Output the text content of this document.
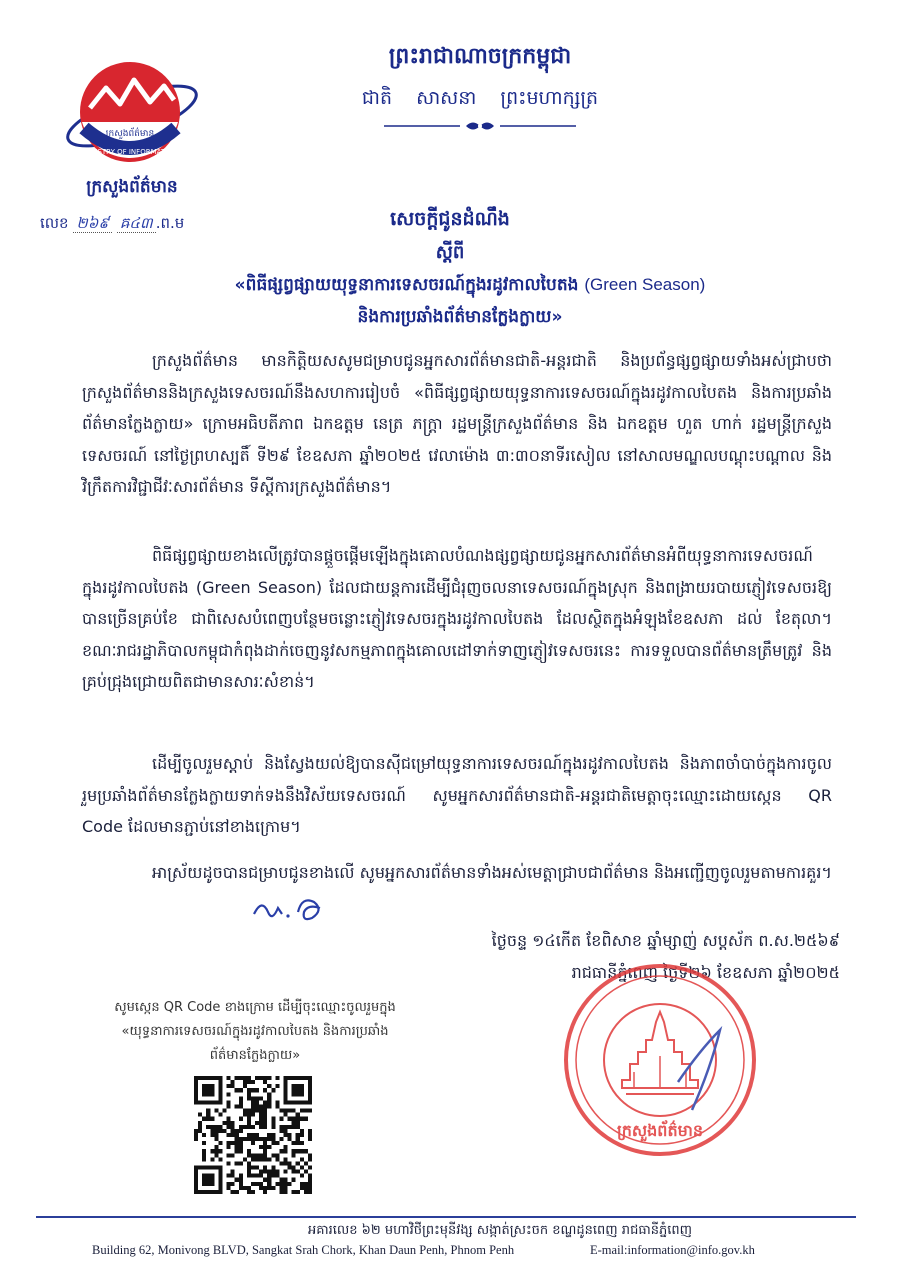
ក្រសួងព័ត៌មាន
MINISTRY OF INFORMATION
ក្រសួងព័ត៌មាន
លេខ ២៦៩ ឝ៤៣ .ព.ម
ព្រះរាជាណាចក្រកម្ពុជា
ជាតិ សាសនា ព្រះមហាក្សត្រ
សេចក្តីជូនដំណឹង
ស្តីពី
«ពិធីផ្សព្វផ្សាយយុទ្ធនាការទេសចរណ៍ក្នុងរដូវកាលបៃតង (Green Season)
និងការប្រឆាំងព័ត៌មានក្លែងក្លាយ»

ក្រសួងព័ត៌មាន មានកិត្តិយសសូមជម្រាបជូនអ្នកសារព័ត៌មានជាតិ-អន្តរជាតិ និងប្រព័ន្ធផ្សព្វផ្សាយទាំងអស់ជ្រាបថា ក្រសួងព័ត៌មាននិងក្រសួងទេសចរណ៍នឹងសហការរៀបចំ «ពិធីផ្សព្វផ្សាយយុទ្ធនាការទេសចរណ៍ក្នុងរដូវកាលបៃតង និងការប្រឆាំងព័ត៌មានក្លែងក្លាយ» ក្រោមអធិបតីភាព ឯកឧត្តម នេត្រ ភក្ត្រា រដ្ឋមន្ត្រីក្រសួងព័ត៌មាន និង ឯកឧត្តម ហួត ហាក់ រដ្ឋមន្ត្រីក្រសួងទេសចរណ៍ នៅថ្ងៃព្រហស្បតិ៍ ទី២៩ ខែឧសភា ឆ្នាំ២០២៥ វេលាម៉ោង ៣:៣០នាទីរសៀល នៅសាលមណ្ឌលបណ្តុះបណ្តាល និងវិក្រឹតការវិជ្ជាជីវៈសារព័ត៌មាន ទីស្តីការក្រសួងព័ត៌មាន។

ពិធីផ្សព្វផ្សាយខាងលើត្រូវបានផ្តួចផ្តើមឡើងក្នុងគោលបំណងផ្សព្វផ្សាយជូនអ្នកសារព័ត៌មានអំពីយុទ្ធនាការទេសចរណ៍ក្នុងរដូវកាលបៃតង (Green Season) ដែលជាយន្តការដើម្បីជំរុញចលនាទេសចរណ៍ក្នុងស្រុក និងពង្រាយរបាយភ្ញៀវទេសចរឱ្យបានច្រើនគ្រប់ខែ ជាពិសេសបំពេញបន្ថែមចន្លោះភ្ញៀវទេសចរក្នុងរដូវកាលបៃតង ដែលស្ថិតក្នុងអំឡុងខែឧសភា ដល់ ខែតុលា។ ខណៈរាជរដ្ឋាភិបាលកម្ពុជាកំពុងដាក់ចេញនូវសកម្មភាពក្នុងគោលដៅទាក់ទាញភ្ញៀវទេសចរនេះ ការទទួលបានព័ត៌មានត្រឹមត្រូវ និងគ្រប់ជ្រុងជ្រោយពិតជាមានសារៈសំខាន់។

ដើម្បីចូលរួមស្តាប់ និងស្វែងយល់ឱ្យបានស៊ីជម្រៅយុទ្ធនាការទេសចរណ៍ក្នុងរដូវកាលបៃតង និងភាពចាំបាច់ក្នុងការចូលរួមប្រឆាំងព័ត៌មានក្លែងក្លាយទាក់ទងនឹងវិស័យទេសចរណ៍ សូមអ្នកសារព័ត៌មានជាតិ-អន្តរជាតិមេត្តាចុះឈ្មោះដោយស្កេន QR Code ដែលមានភ្ជាប់នៅខាងក្រោម។

អាស្រ័យដូចបានជម្រាបជូនខាងលើ សូមអ្នកសារព័ត៌មានទាំងអស់មេត្តាជ្រាបជាព័ត៌មាន និងអញ្ជើញចូលរួមតាមការគួរ។

ថ្ងៃចន្ទ ១៤កើត ខែពិសាខ ឆ្នាំម្សាញ់ សប្តស័ក ព.ស.២៥៦៩
រាជធានីភ្នំពេញ ថ្ងៃទី២៦ ខែឧសភា ឆ្នាំ២០២៥
ក្រសួងព័ត៌មាន
សូមស្កេន QR Code ខាងក្រោម ដើម្បីចុះឈ្មោះចូលរួមក្នុង
«យុទ្ធនាការទេសចរណ៍ក្នុងរដូវកាលបៃតង និងការប្រឆាំង
ព័ត៌មានក្លែងក្លាយ»
អគារលេខ ៦២ មហាវិថីព្រះមុនីវង្ស សង្កាត់ស្រះចក ខណ្ឌដូនពេញ រាជធានីភ្នំពេញ
Building 62, Monivong BLVD, Sangkat Srah Chork, Khan Daun Penh, Phnom Penh	E-mail:information@info.gov.kh
